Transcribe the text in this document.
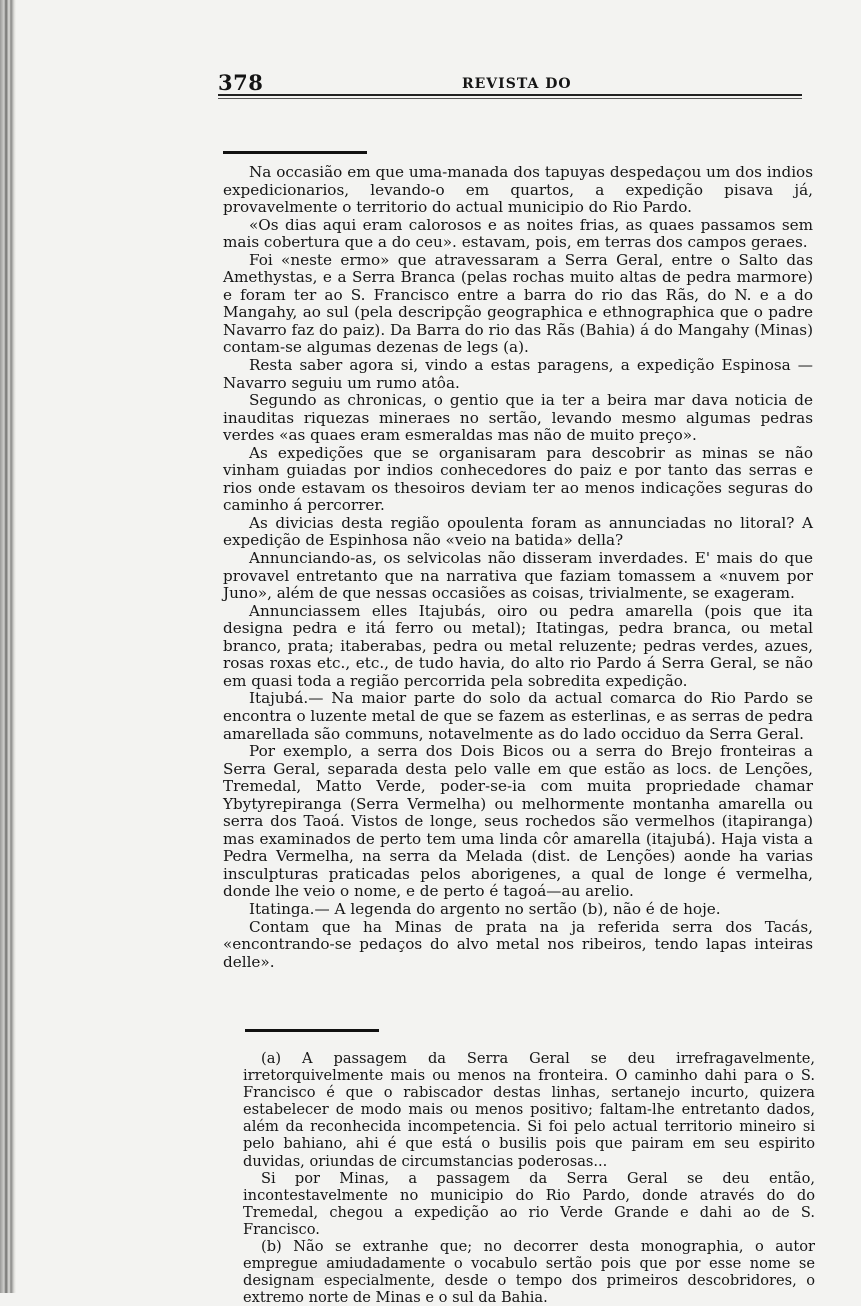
378	REVISTA DO

Na occasião em que uma-manada dos tapuyas despedaçou um dos indios expedicionarios, levando-o em quartos, a expedição pisava já, provavelmente o territorio do actual municipio do Rio Pardo.

«Os dias aqui eram calorosos e as noites frias, as quaes passamos sem mais cobertura que a do ceu». estavam, pois, em terras dos campos geraes.

Foi «neste ermo» que atravessaram a Serra Geral, entre o Salto das Amethystas, e a Serra Branca (pelas rochas muito altas de pedra marmore) e foram ter ao S. Francisco entre a barra do rio das Rãs, do N. e a do Mangahy, ao sul (pela descripção geographica e ethnographica que o padre Navarro faz do paiz). Da Barra do rio das Rãs (Bahia) á do Mangahy (Minas) contam-se algumas dezenas de legs (a).

Resta saber agora si, vindo a estas paragens, a expedição Espinosa — Navarro seguiu um rumo atôa.

Segundo as chronicas, o gentio que ia ter a beira mar dava noticia de inauditas riquezas mineraes no sertão, levando mesmo algumas pedras verdes «as quaes eram esmeraldas mas não de muito preço».

As expedições que se organisaram para descobrir as minas se não vinham guiadas por indios conhecedores do paiz e por tanto das serras e rios onde estavam os thesoiros deviam ter ao menos indicações seguras do caminho á percorrer.

As divicias desta região opoulenta foram as annunciadas no litoral? A expedição de Espinhosa não «veio na batida» della?

Annunciando-as, os selvicolas não disseram inverdades. E' mais do que provavel entretanto que na narrativa que faziam tomassem a «nuvem por Juno», além de que nessas occasiões as coisas, trivialmente, se exageram.

Annunciassem elles Itajubás, oiro ou pedra amarella (pois que ita designa pedra e itá ferro ou metal); Itatingas, pedra branca, ou metal branco, prata; itaberabas, pedra ou metal reluzente; pedras verdes, azues, rosas roxas etc., etc., de tudo havia, do alto rio Pardo á Serra Geral, se não em quasi toda a região percorrida pela sobredita expedição.

Itajubá.— Na maior parte do solo da actual comarca do Rio Pardo se encontra o luzente metal de que se fazem as esterlinas, e as serras de pedra amarellada são communs, notavelmente as do lado occiduo da Serra Geral.

Por exemplo, a serra dos Dois Bicos ou a serra do Brejo fronteiras a Serra Geral, separada desta pelo valle em que estão as locs. de Lenções, Tremedal, Matto Verde, poder-se-ia com muita propriedade chamar Ybytyrepiranga (Serra Vermelha) ou melhormente montanha amarella ou serra dos Taoá. Vistos de longe, seus rochedos são vermelhos (itapiranga) mas examinados de perto tem uma linda côr amarella (itajubá). Haja vista a Pedra Vermelha, na serra da Melada (dist. de Lenções) aonde ha varias insculpturas praticadas pelos aborigenes, a qual de longe é vermelha, donde lhe veio o nome, e de perto é tagoá—au arelio.

Itatinga.— A legenda do argento no sertão (b), não é de hoje.

Contam que ha Minas de prata na ja referida serra dos Tacás, «encontrando-se pedaços do alvo metal nos ribeiros, tendo lapas inteiras delle».

(a) A passagem da Serra Geral se deu irrefragavelmente, irretorquivelmente mais ou menos na fronteira. O caminho dahi para o S. Francisco é que o rabiscador destas linhas, sertanejo incurto, quizera estabelecer de modo mais ou menos positivo; faltam-lhe entretanto dados, além da reconhecida incompetencia. Si foi pelo actual territorio mineiro si pelo bahiano, ahi é que está o busilis pois que pairam em seu espirito duvidas, oriundas de circumstancias poderosas...

Si por Minas, a passagem da Serra Geral se deu então, incontestavelmente no municipio do Rio Pardo, donde através do do Tremedal, chegou a expedição ao rio Verde Grande e dahi ao de S. Francisco.

(b) Não se extranhe que; no decorrer desta monographia, o autor empregue amiudadamente o vocabulo sertão pois que por esse nome se designam especialmente, desde o tempo dos primeiros descobridores, o extremo norte de Minas e o sul da Bahia.
